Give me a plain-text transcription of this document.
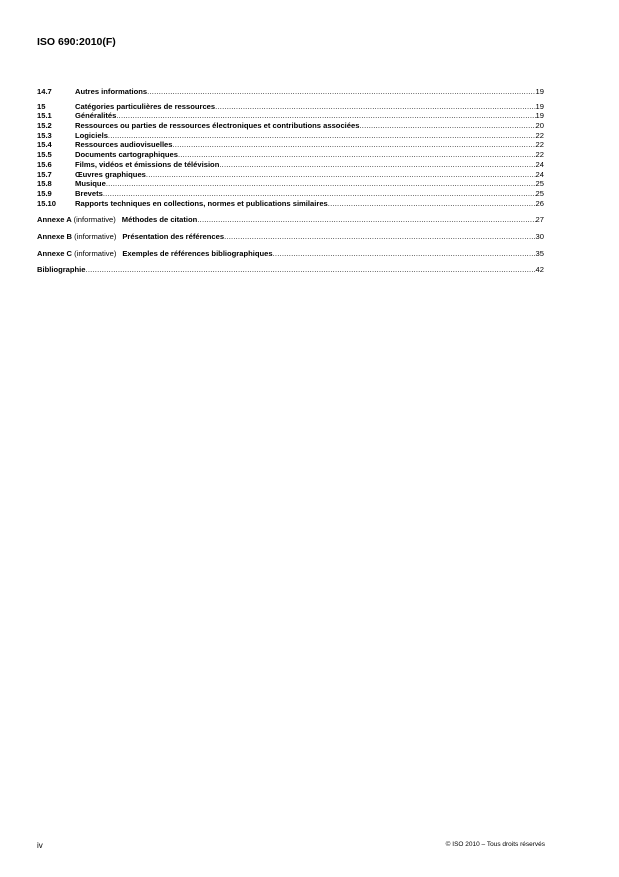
ISO 690:2010(F)
14.7	Autres informations .....	19
15	Catégories particulières de ressources .....	19
15.1	Généralités .....	19
15.2	Ressources ou parties de ressources électroniques et contributions associées .....	20
15.3	Logiciels .....	22
15.4	Ressources audiovisuelles .....	22
15.5	Documents cartographiques .....	22
15.6	Films, vidéos et émissions de télévision .....	24
15.7	Œuvres graphiques .....	24
15.8	Musique .....	25
15.9	Brevets .....	25
15.10	Rapports techniques en collections, normes et publications similaires .....	26
Annexe A (informative) Méthodes de citation .....	27
Annexe B (informative) Présentation des références .....	30
Annexe C (informative) Exemples de références bibliographiques .....	35
Bibliographie .....	42
iv	© ISO 2010 – Tous droits réservés
